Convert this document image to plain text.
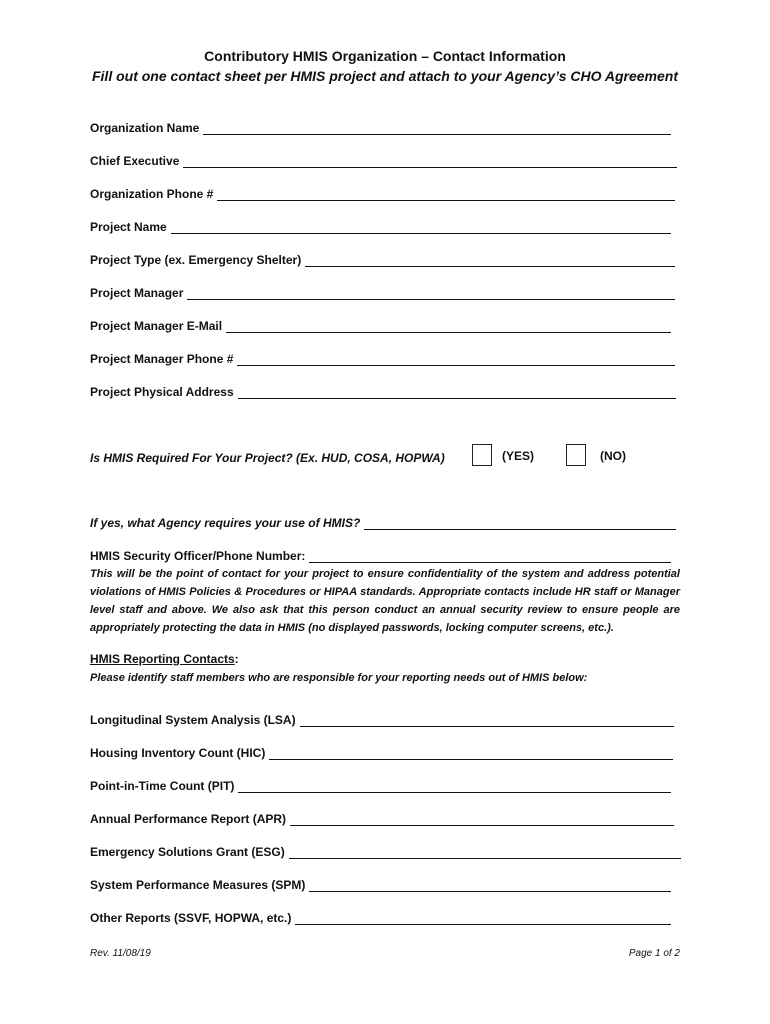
Contributory HMIS Organization – Contact Information
Fill out one contact sheet per HMIS project and attach to your Agency’s CHO Agreement
Organization Name
Chief Executive
Organization Phone #
Project Name
Project Type (ex. Emergency Shelter)
Project Manager
Project Manager E-Mail
Project Manager Phone #
Project Physical Address
Is HMIS Required For Your Project? (Ex. HUD, COSA, HOPWA)	(YES)	(NO)
If yes, what Agency requires your use of HMIS?
HMIS Security Officer/Phone Number:
This will be the point of contact for your project to ensure confidentiality of the system and address potential violations of HMIS Policies & Procedures or HIPAA standards. Appropriate contacts include HR staff or Manager level staff and above. We also ask that this person conduct an annual security review to ensure people are appropriately protecting the data in HMIS (no displayed passwords, locking computer screens, etc.).
HMIS Reporting Contacts:
Please identify staff members who are responsible for your reporting needs out of HMIS below:
Longitudinal System Analysis (LSA)
Housing Inventory Count (HIC)
Point-in-Time Count (PIT)
Annual Performance Report (APR)
Emergency Solutions Grant (ESG)
System Performance Measures (SPM)
Other Reports (SSVF, HOPWA, etc.)
Rev. 11/08/19	Page 1 of 2
